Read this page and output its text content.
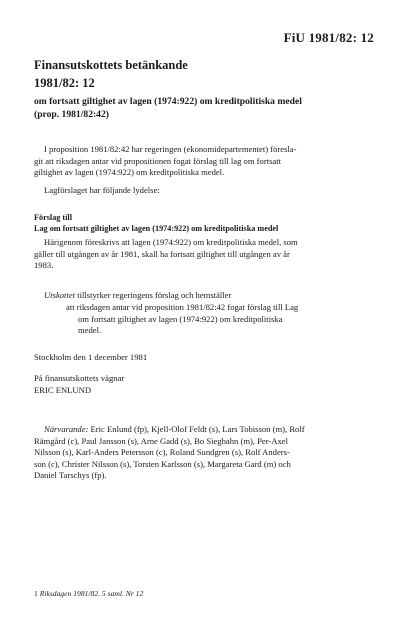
FiU 1981/82: 12
Finansutskottets betänkande
1981/82: 12
om fortsatt giltighet av lagen (1974:922) om kreditpolitiska medel
(prop. 1981/82:42)
I proposition 1981/82:42 har regeringen (ekonomidepartementet) föresla-
git att riksdagen antar vid propositionen fogat förslag till lag om fortsatt
giltighet av lagen (1974:922) om kreditpolitiska medel.
Lagförslaget har följande lydelse:
Förslag till
Lag om fortsatt giltighet av lagen (1974:922) om kreditpolitiska medel
Härigenom föreskrivs att lagen (1974:922) om kreditpolitiska medel, som
gäller till utgången av år 1981, skall ha fortsatt giltighet till utgången av år
1983.
Utskottet tillstyrker regeringens förslag och hemställer
att riksdagen antar vid proposition 1981/82:42 fogat förslag till Lag
om fortsatt giltighet av lagen (1974:922) om kreditpolitiska
medel.
Stockholm den 1 december 1981
På finansutskottets vägnar
ERIC ENLUND
Närvarande: Eric Enlund (fp), Kjell-Olof Feldt (s), Lars Tobisson (m), Rolf
Rämgård (c), Paul Jansson (s), Arne Gadd (s), Bo Siegbahn (m), Per-Axel
Nilsson (s), Karl-Anders Petersson (c), Roland Sundgren (s), Rolf Anders-
son (c), Christer Nilsson (s), Torsten Karlsson (s), Margareta Gard (m) och
Daniel Tarschys (fp).
1 Riksdagen 1981/82. 5 saml. Nr 12
